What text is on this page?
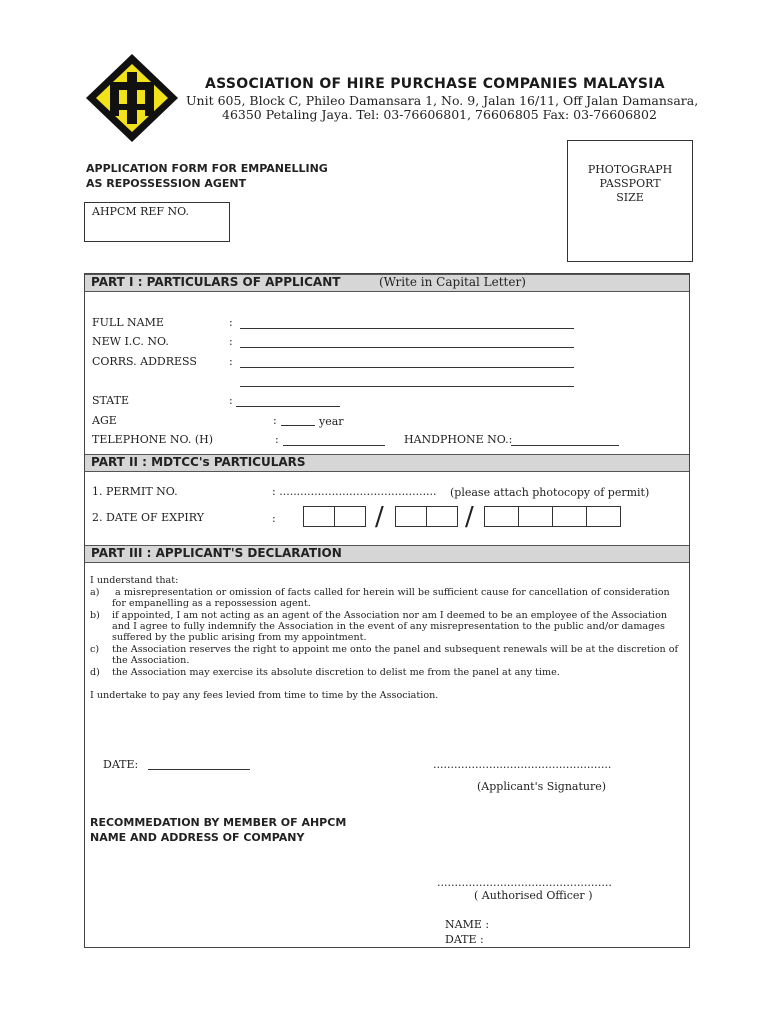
ASSOCIATION OF HIRE PURCHASE COMPANIES MALAYSIA
Unit 605, Block C, Phileo Damansara 1, No. 9, Jalan 16/11, Off Jalan Damansara,
46350 Petaling Jaya. Tel: 03-76606801, 76606805 Fax: 03-76606802
APPLICATION FORM FOR EMPANELLING
AS REPOSSESSION AGENT
AHPCM REF NO.
PHOTOGRAPH
PASSPORT
SIZE
PART I : PARTICULARS OF APPLICANT	(Write in Capital Letter)
FULL NAME	:
NEW I.C. NO.	:
CORRS. ADDRESS	:
STATE	:
AGE	:	year
TELEPHONE NO. (H)	:	HANDPHONE NO.:
PART II : MDTCC's PARTICULARS
1. PERMIT NO.	: ............................................. (please attach photocopy of permit)
2. DATE OF EXPIRY	:	/	/
PART III : APPLICANT'S DECLARATION
I understand that:
a) a misrepresentation or omission of facts called for herein will be sufficient cause for cancellation of consideration
for empanelling as a repossession agent.
b) if appointed, I am not acting as an agent of the Association nor am I deemed to be an employee of the Association
and I agree to fully indemnify the Association in the event of any misrepresentation to the public and/or damages
suffered by the public arising from my appointment.
c) the Association reserves the right to appoint me onto the panel and subsequent renewals will be at the discretion of
the Association.
d) the Association may exercise its absolute discretion to delist me from the panel at any time.
I undertake to pay any fees levied from time to time by the Association.
DATE:	...................................................
(Applicant's Signature)
RECOMMEDATION BY MEMBER OF AHPCM
NAME AND ADDRESS OF COMPANY
..................................................
( Authorised Officer )
NAME :
DATE :
